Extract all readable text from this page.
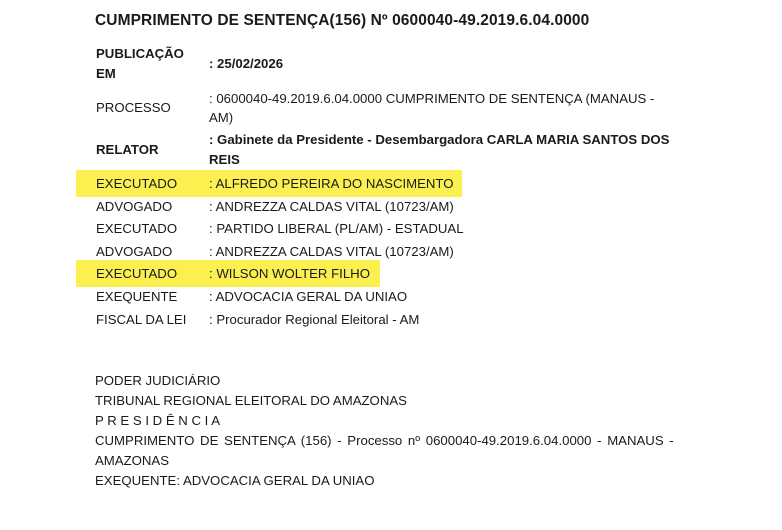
CUMPRIMENTO DE SENTENÇA(156) Nº 0600040-49.2019.6.04.0000
PUBLICAÇÃO
EM
: 25/02/2026
: 0600040-49.2019.6.04.0000 CUMPRIMENTO DE SENTENÇA (MANAUS -
PROCESSO
AM)
: Gabinete da Presidente - Desembargadora CARLA MARIA SANTOS DOS
RELATOR
REIS
EXECUTADO : ALFREDO PEREIRA DO NASCIMENTO
ADVOGADO	: ANDREZZA CALDAS VITAL (10723/AM)
EXECUTADO : PARTIDO LIBERAL (PL/AM) - ESTADUAL
ADVOGADO	: ANDREZZA CALDAS VITAL (10723/AM)
EXECUTADO : WILSON WOLTER FILHO
EXEQUENTE : ADVOCACIA GERAL DA UNIAO
FISCAL DA LEI : Procurador Regional Eleitoral - AM
PODER JUDICIÁRIO
TRIBUNAL REGIONAL ELEITORAL DO AMAZONAS
P R E S I D Ê N C I A
CUMPRIMENTO DE SENTENÇA (156) - Processo nº 0600040-49.2019.6.04.0000 - MANAUS -
AMAZONAS
EXEQUENTE: ADVOCACIA GERAL DA UNIAO
